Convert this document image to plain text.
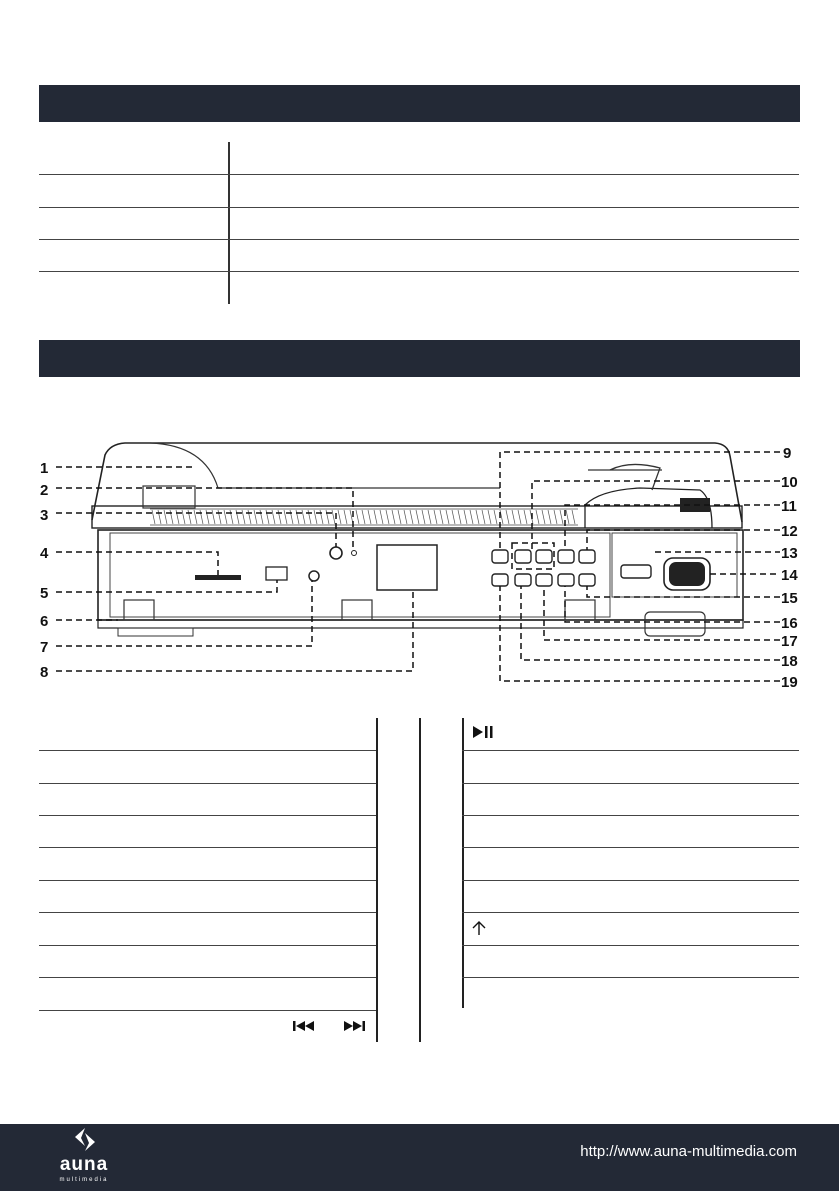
1
2
3
4
5
6
7
8
9
10
11
12
13
14
15
16
17
18
19
auna
multimedia
http://www.auna-multimedia.com
